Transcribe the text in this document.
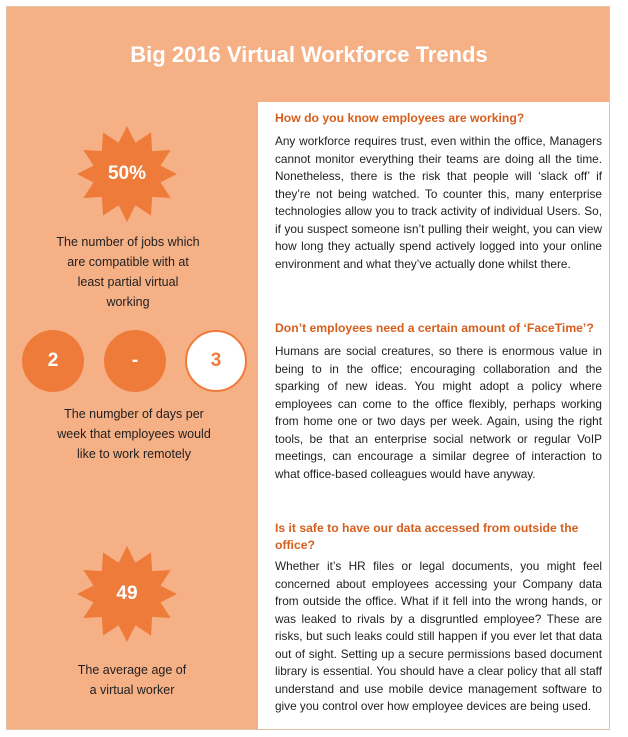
Big 2016 Virtual Workforce Trends
50%
The number of jobs which are compatible with at least partial virtual working
2	-	3
The numgber of days per week that employees would like to work remotely
49
The average age of a virtual worker

How do you know employees are working?

Any workforce requires trust, even within the office, Managers cannot monitor everything their teams are doing all the time. Nonetheless, there is the risk that people will ‘slack off’ if they’re not being watched. To counter this, many enterprise technologies allow you to track activity of individual Users. So, if you suspect someone isn’t pulling their weight, you can view how long they actually spend actively logged into your online environment and what they’ve actually done whilst there.

Don’t employees need a certain amount of ‘FaceTime’?

Humans are social creatures, so there is enormous value in being to in the office; encouraging collaboration and the sparking of new ideas. You might adopt a policy where employees can come to the office flexibly, perhaps working from home one or two days per week. Again, using the right tools, be that an enterprise social network or regular VoIP meetings, can encourage a similar degree of interaction to what office-based colleagues would have anyway.

Is it safe to have our data accessed from outside the office?

Whether it’s HR files or legal documents, you might feel concerned about employees accessing your Company data from outside the office. What if it fell into the wrong hands, or was leaked to rivals by a disgruntled employee? These are risks, but such leaks could still happen if you ever let that data out of sight. Setting up a secure permissions based document library is essential. You should have a clear policy that all staff understand and use mobile device management software to give you control over how employee devices are being used.
